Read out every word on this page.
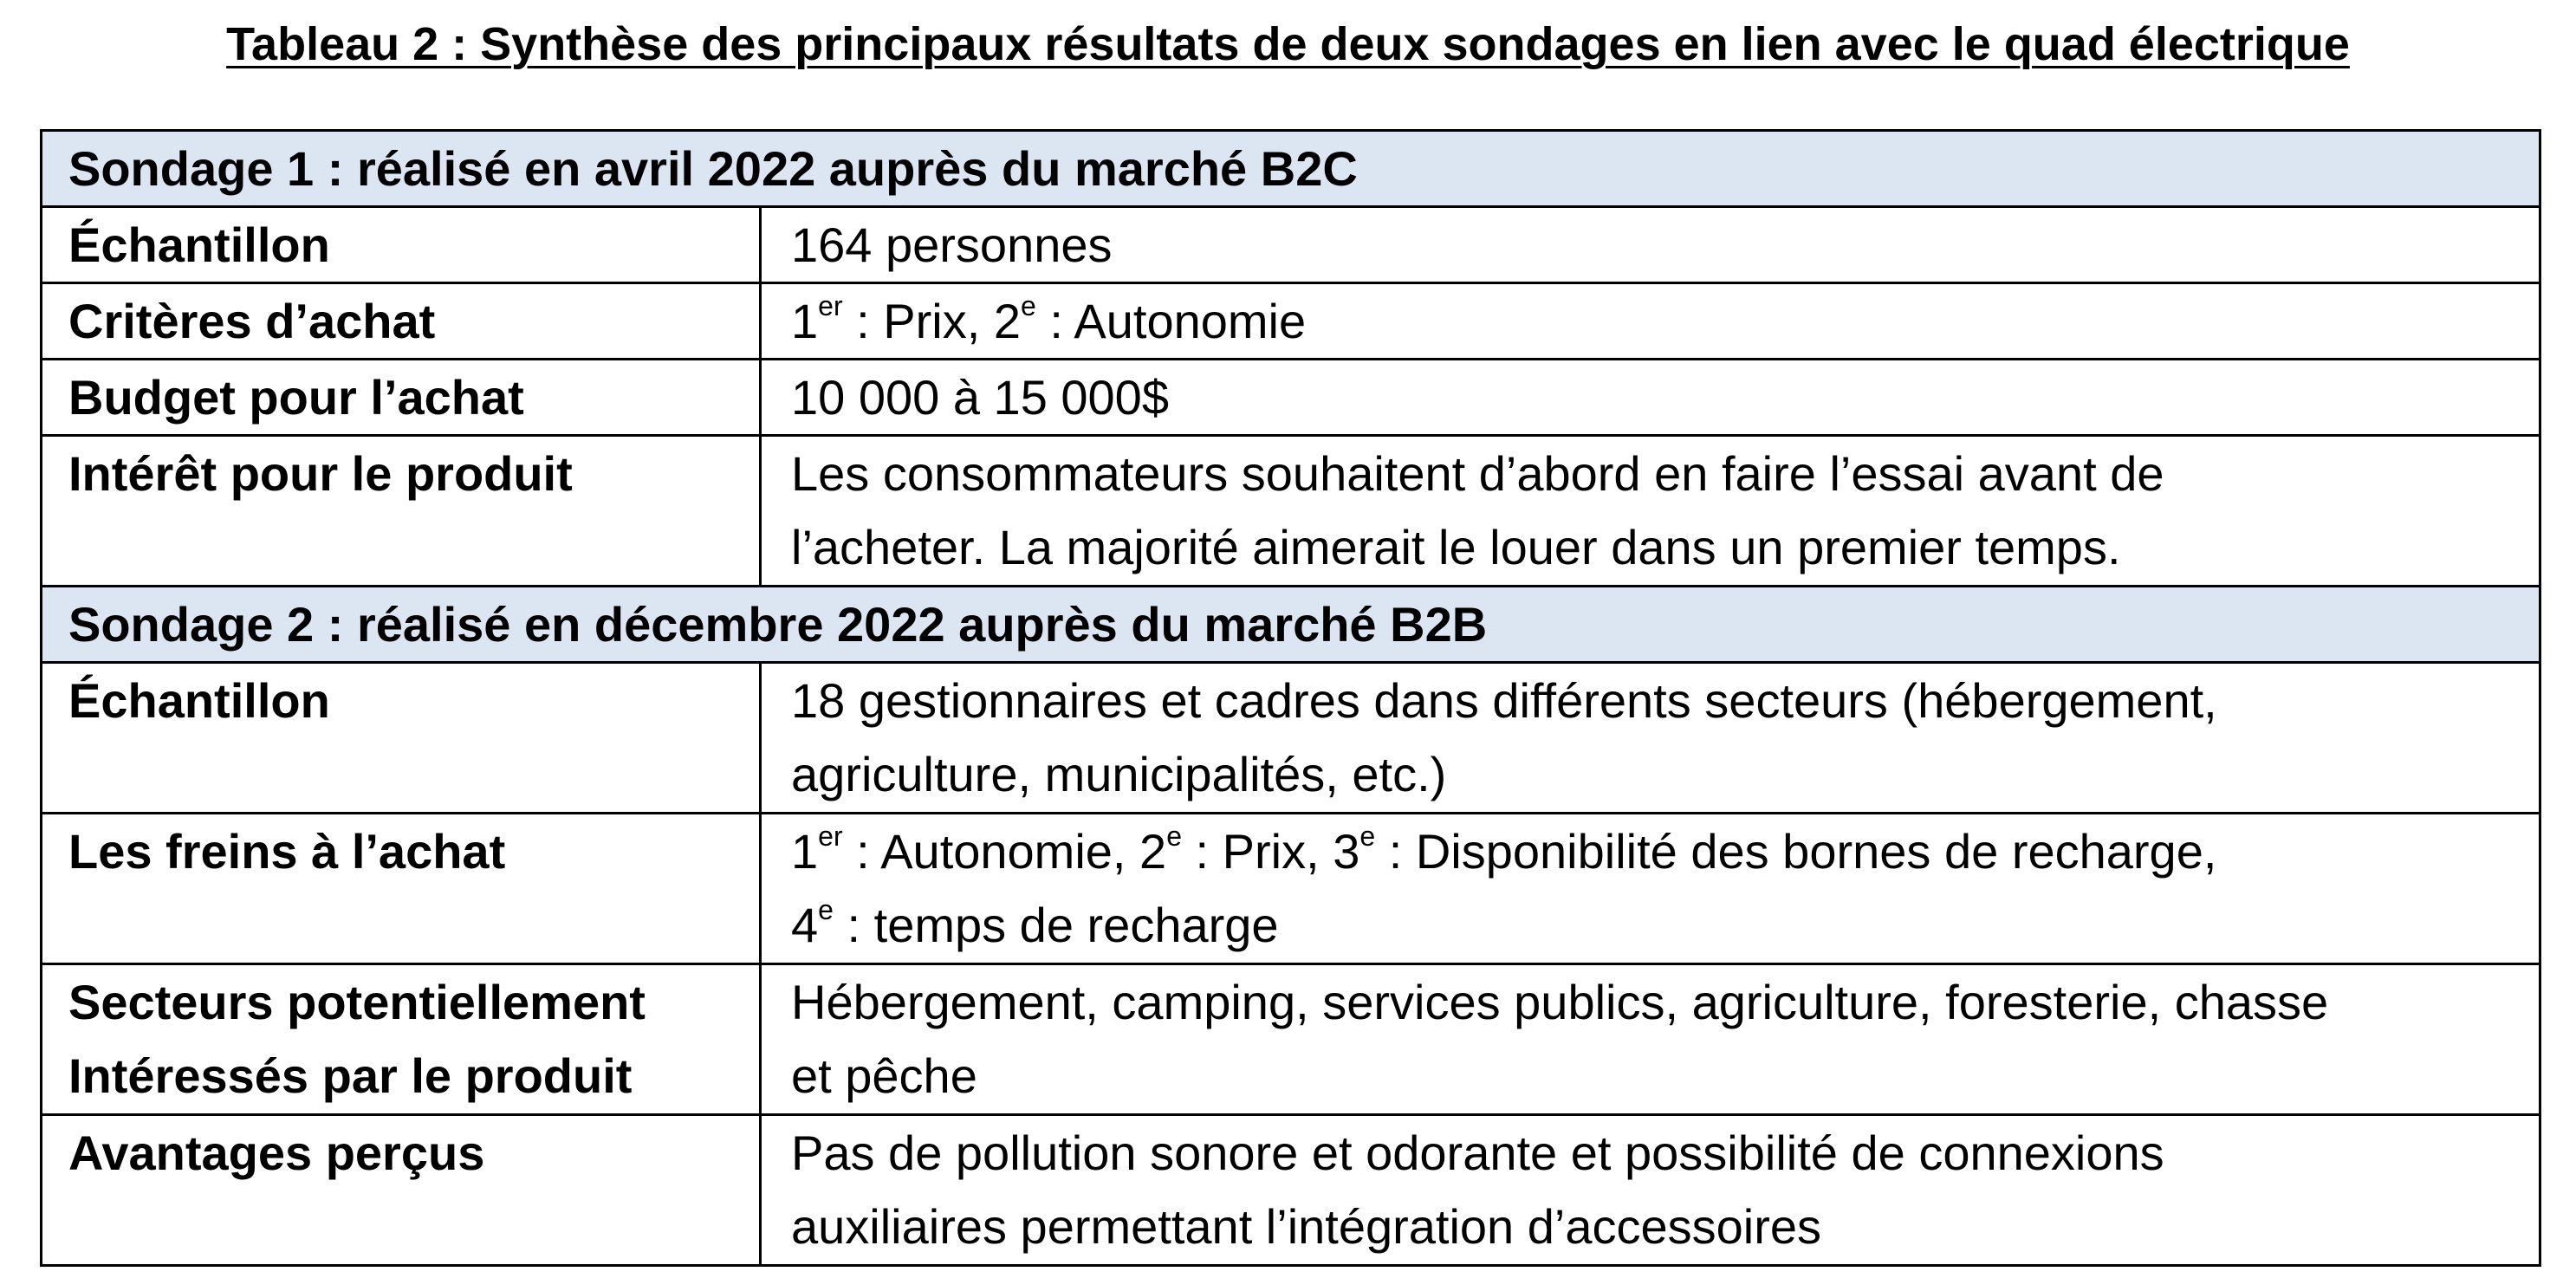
Tableau 2 : Synthèse des principaux résultats de deux sondages en lien avec le quad électrique
Sondage 1 : réalisé en avril 2022 auprès du marché B2C	
Échantillon	164 personnes
Critères d’achat	1er : Prix, 2e : Autonomie
Budget pour l’achat	10 000 à 15 000$
Intérêt pour le produit	Les consommateurs souhaitent d’abord en faire l’essai avant de
l’acheter. La majorité aimerait le louer dans un premier temps.

Sondage 2 : réalisé en décembre 2022 auprès du marché B2B	
Échantillon	18 gestionnaires et cadres dans différents secteurs (hébergement,
agriculture, municipalités, etc.)

Les freins à l’achat	1er : Autonomie, 2e : Prix, 3e : Disponibilité des bornes de recharge,
4e : temps de recharge

Secteurs potentiellement
Intéressés par le produit	Hébergement, camping, services publics, agriculture, foresterie, chasse
et pêche

Avantages perçus	Pas de pollution sonore et odorante et possibilité de connexions
auxiliaires permettant l’intégration d’accessoires
